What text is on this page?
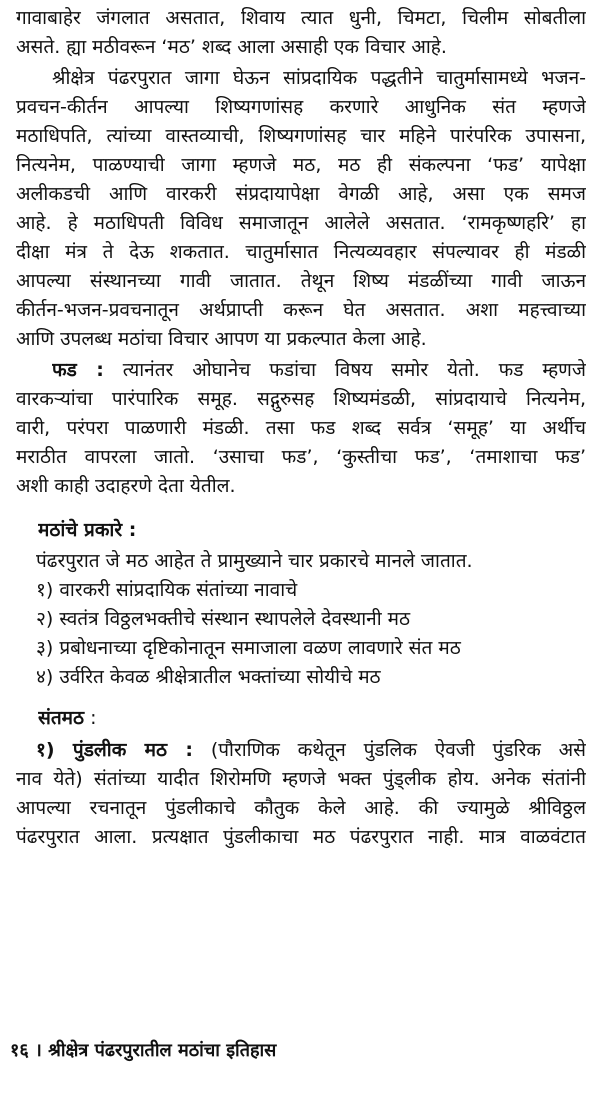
गावाबाहेर जंगलात असतात, शिवाय त्यात धुनी, चिमटा, चिलीम सोबतीला
असते. ह्या मठीवरून ‘मठ’ शब्द आला असाही एक विचार आहे.
श्रीक्षेत्र पंढरपुरात जागा घेऊन सांप्रदायिक पद्धतीने चातुर्मासामध्ये भजन-
प्रवचन-कीर्तन आपल्या शिष्यगणांसह करणारे आधुनिक संत म्हणजे
मठाधिपति, त्यांच्या वास्तव्याची, शिष्यगणांसह चार महिने पारंपरिक उपासना,
नित्यनेम, पाळण्याची जागा म्हणजे मठ, मठ ही संकल्पना ‘फड’ यापेक्षा
अलीकडची आणि वारकरी संप्रदायापेक्षा वेगळी आहे, असा एक समज
आहे. हे मठाधिपती विविध समाजातून आलेले असतात. ‘रामकृष्णहरि’ हा
दीक्षा मंत्र ते देऊ शकतात. चातुर्मासात नित्यव्यवहार संपल्यावर ही मंडळी
आपल्या संस्थानच्या गावी जातात. तेथून शिष्य मंडळींच्या गावी जाऊन
कीर्तन-भजन-प्रवचनातून अर्थप्राप्ती करून घेत असतात. अशा महत्त्वाच्या
आणि उपलब्ध मठांचा विचार आपण या प्रकल्पात केला आहे.
फड : त्यानंतर ओघानेच फडांचा विषय समोर येतो. फड म्हणजे
वारकऱ्यांचा पारंपारिक समूह. सद्गुरुसह शिष्यमंडळी, सांप्रदायाचे नित्यनेम,
वारी, परंपरा पाळणारी मंडळी. तसा फड शब्द सर्वत्र ‘समूह’ या अर्थीच
मराठीत वापरला जातो. ‘उसाचा फड’, ‘कुस्तीचा फड’, ‘तमाशाचा फड’
अशी काही उदाहरणे देता येतील.
मठांचे प्रकारे :
पंढरपुरात जे मठ आहेत ते प्रामुख्याने चार प्रकारचे मानले जातात.
१) वारकरी सांप्रदायिक संतांच्या नावाचे
२) स्वतंत्र विठ्ठलभक्तीचे संस्थान स्थापलेले देवस्थानी मठ
३) प्रबोधनाच्या दृष्टिकोनातून समाजाला वळण लावणारे संत मठ
४) उर्वरित केवळ श्रीक्षेत्रातील भक्तांच्या सोयीचे मठ
संतमठ :
१) पुंडलीक मठ : (पौराणिक कथेतून पुंडलिक ऐवजी पुंडरिक असे
नाव येते) संतांच्या यादीत शिरोमणि म्हणजे भक्त पुंड्लीक होय. अनेक संतांनी
आपल्या रचनातून पुंडलीकाचे कौतुक केले आहे. की ज्यामुळे श्रीविठ्ठल
पंढरपुरात आला. प्रत्यक्षात पुंडलीकाचा मठ पंढरपुरात नाही. मात्र वाळवंटात
१६ । श्रीक्षेत्र पंढरपुरातील मठांचा इतिहास
